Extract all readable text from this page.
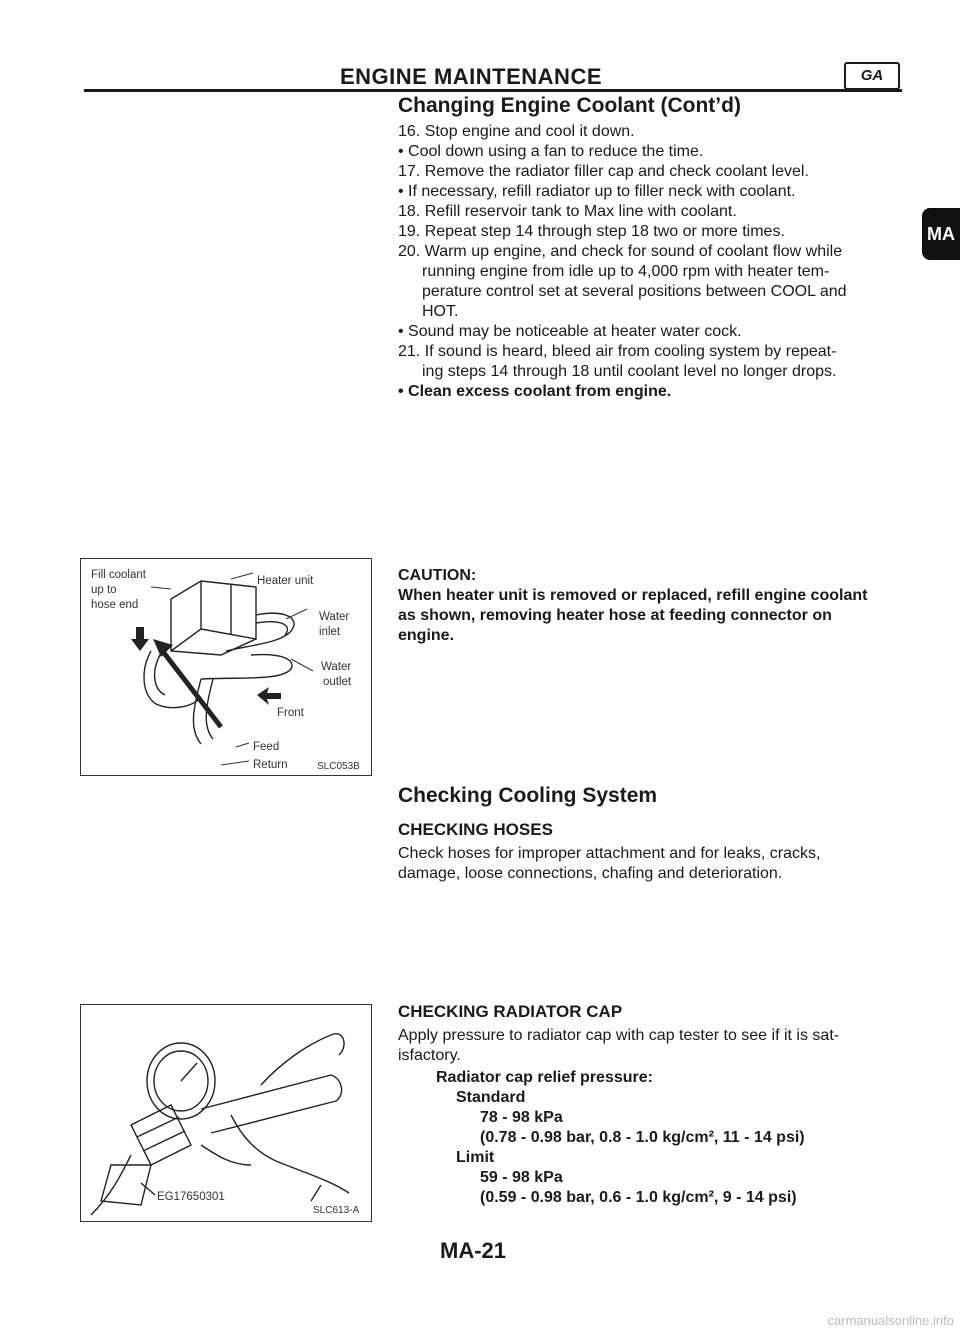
ENGINE MAINTENANCE	GA
MA
Changing Engine Coolant (Cont’d)
16. Stop engine and cool it down.
• Cool down using a fan to reduce the time.
17. Remove the radiator filler cap and check coolant level.
• If necessary, refill radiator up to filler neck with coolant.
18. Refill reservoir tank to Max line with coolant.
19. Repeat step 14 through step 18 two or more times.
20. Warm up engine, and check for sound of coolant flow while
running engine from idle up to 4,000 rpm with heater tem-
perature control set at several positions between COOL and
HOT.
• Sound may be noticeable at heater water cock.
21. If sound is heard, bleed air from cooling system by repeat-
ing steps 14 through 18 until coolant level no longer drops.
• Clean excess coolant from engine.
Fill coolant
up to
hose end
Heater unit
Water
inlet
Water
outlet
Front
Feed
Return	SLC053B
CAUTION:
When heater unit is removed or replaced, refill engine coolant
as shown, removing heater hose at feeding connector on
engine.
Checking Cooling System
CHECKING HOSES
Check hoses for improper attachment and for leaks, cracks,
damage, loose connections, chafing and deterioration.
CHECKING RADIATOR CAP
Apply pressure to radiator cap with cap tester to see if it is sat-
isfactory.
Radiator cap relief pressure:
Standard
78 - 98 kPa
(0.78 - 0.98 bar, 0.8 - 1.0 kg/cm², 11 - 14 psi)
Limit
59 - 98 kPa
(0.59 - 0.98 bar, 0.6 - 1.0 kg/cm², 9 - 14 psi)
EG17650301
SLC613-A
MA-21
carmanualsonline.info
